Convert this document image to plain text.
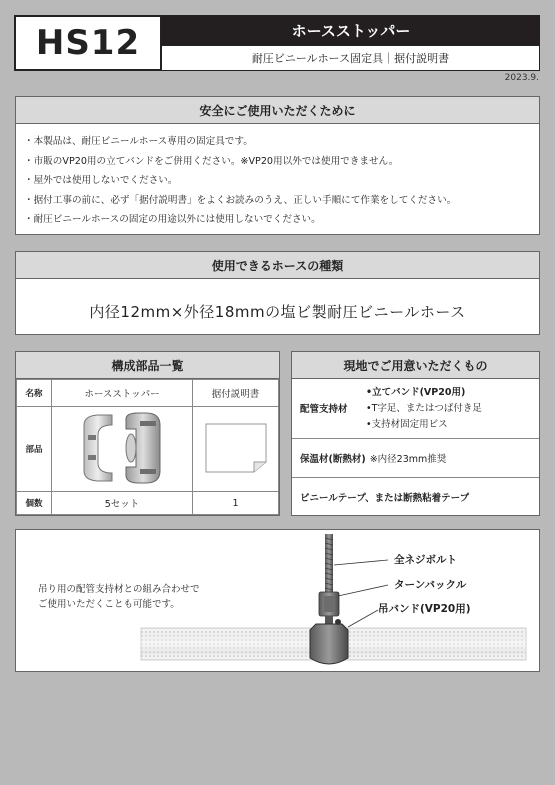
HS12	ホースストッパー
耐圧ビニールホース固定具｜据付説明書
2023.9.
安全にご使用いただくために
・本製品は、耐圧ビニールホース専用の固定具です。
・市販のVP20用の立てバンドをご併用ください。※VP20用以外では使用できません。
・屋外では使用しないでください。
・据付工事の前に、必ず「据付説明書」をよくお読みのうえ、正しい手順にて作業をしてください。
・耐圧ビニールホースの固定の用途以外には使用しないでください。
使用できるホースの種類
内径12mm×外径18mmの塩ビ製耐圧ビニールホース
構成部品一覧
名称	ホースストッパー	据付説明書
部品		
個数	5セット	1
現地でご用意いただくもの
配管支持材
•立てバンド(VP20用)
•T字足、またはつば付き足
•支持材固定用ビス
保温材(断熱材) ※内径23mm推奨
ビニールテープ、または断熱粘着テープ
吊り用の配管支持材との組み合わせで
ご使用いただくことも可能です。
全ネジボルト
ターンバックル
吊バンド(VP20用)
